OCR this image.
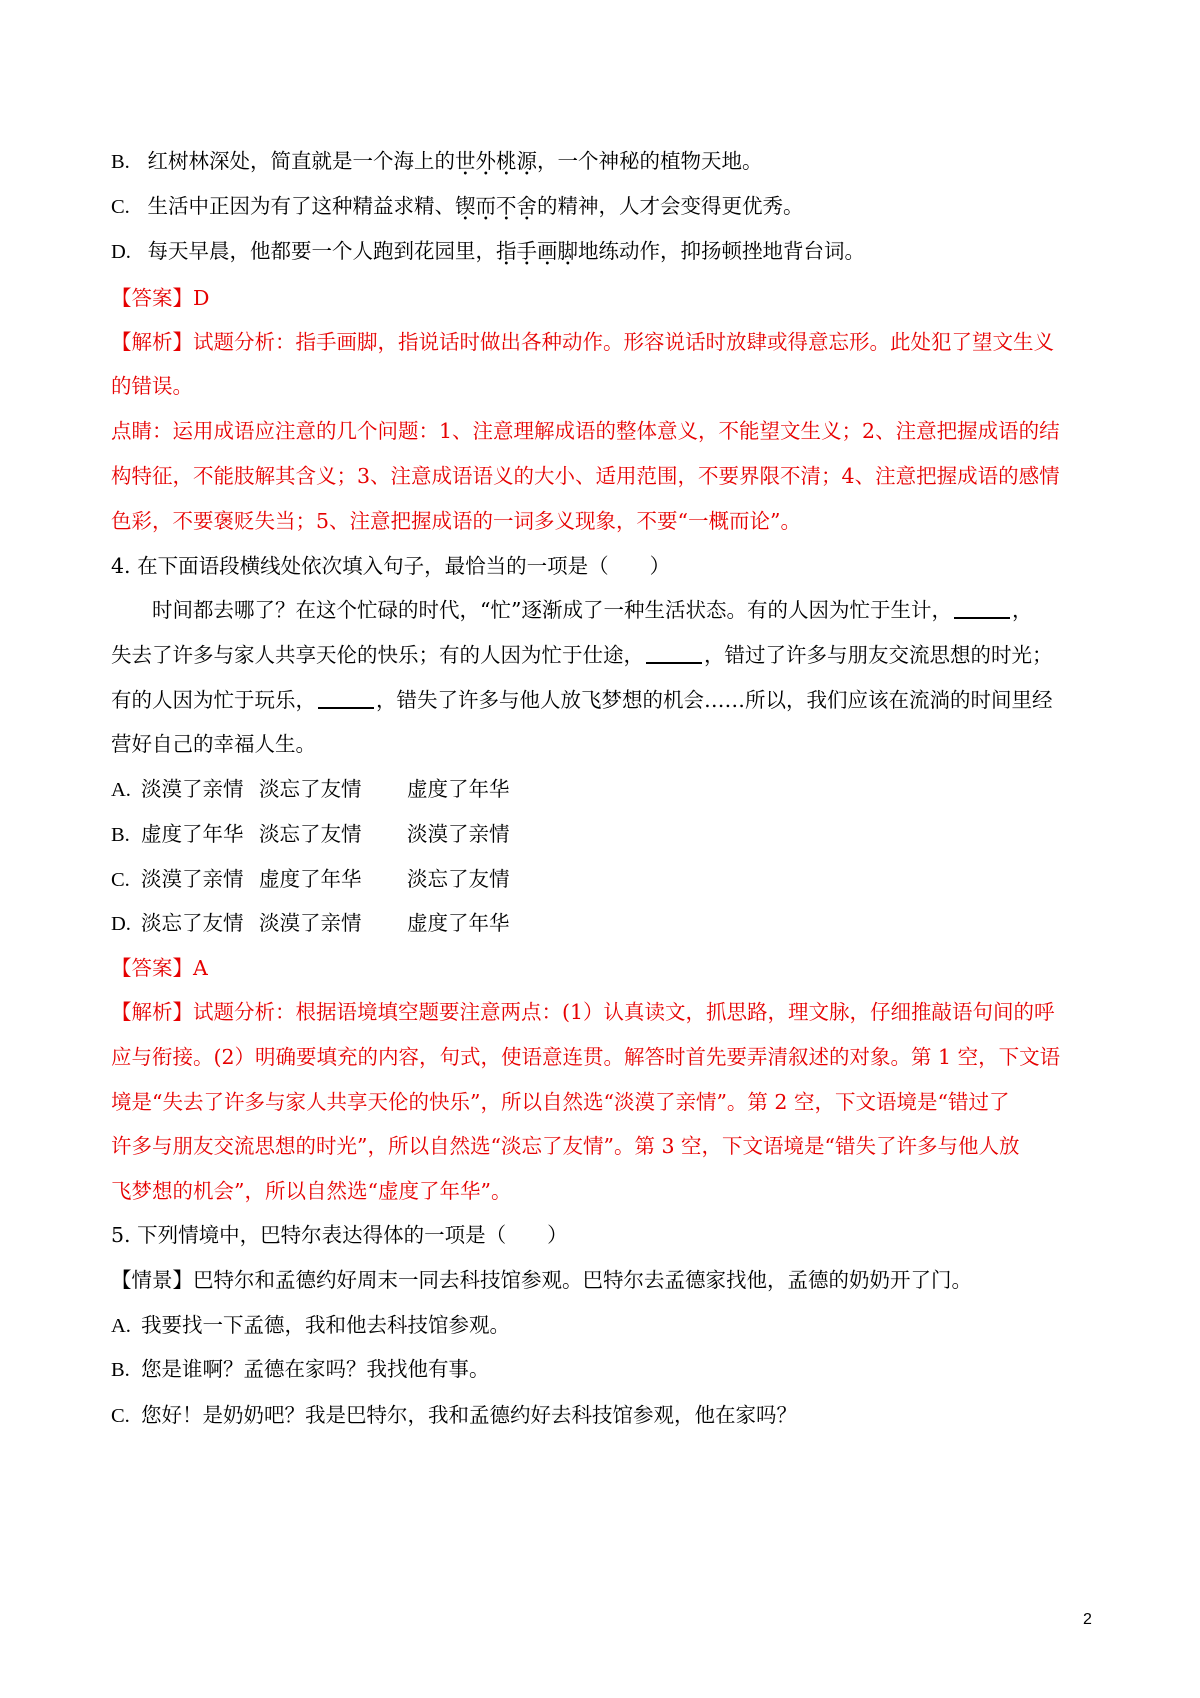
B. 红树林深处，简直就是一个海上的世外桃源，一个神秘的植物天地。
C. 生活中正因为有了这种精益求精、锲而不舍的精神，人才会变得更优秀。
D. 每天早晨，他都要一个人跑到花园里，指手画脚地练动作，抑扬顿挫地背台词。
【答案】D
【解析】试题分析：指手画脚，指说话时做出各种动作。形容说话时放肆或得意忘形。此处犯了望文生义
的错误。
点睛：运用成语应注意的几个问题：1、注意理解成语的整体意义，不能望文生义；2、注意把握成语的结
构特征，不能肢解其含义；3、注意成语语义的大小、适用范围，不要界限不清；4、注意把握成语的感情
色彩，不要褒贬失当；5、注意把握成语的一词多义现象，不要“一概而论”。
4. 在下面语段横线处依次填入句子，最恰当的一项是（　　）
　　时间都去哪了？在这个忙碌的时代，“忙”逐渐成了一种生活状态。有的人因为忙于生计，	，
失去了许多与家人共享天伦的快乐；有的人因为忙于仕途，	，错过了许多与朋友交流思想的时光；
有的人因为忙于玩乐，	，错失了许多与他人放飞梦想的机会……所以，我们应该在流淌的时间里经
营好自己的幸福人生。
A. 淡漠了亲情 淡忘了友情 虚度了年华
B. 虚度了年华 淡忘了友情 淡漠了亲情
C. 淡漠了亲情 虚度了年华 淡忘了友情
D. 淡忘了友情 淡漠了亲情 虚度了年华
【答案】A
【解析】试题分析：根据语境填空题要注意两点：(1）认真读文，抓思路，理文脉，仔细推敲语句间的呼
应与衔接。(2）明确要填充的内容，句式，使语意连贯。解答时首先要弄清叙述的对象。第 1 空，下文语
境是“失去了许多与家人共享天伦的快乐”，所以自然选“淡漠了亲情”。第 2 空，下文语境是“错过了
许多与朋友交流思想的时光”，所以自然选“淡忘了友情”。第 3 空，下文语境是“错失了许多与他人放
飞梦想的机会”，所以自然选“虚度了年华”。
5. 下列情境中，巴特尔表达得体的一项是（　　）
【情景】巴特尔和孟德约好周末一同去科技馆参观。巴特尔去孟德家找他，孟德的奶奶开了门。
A. 我要找一下孟德，我和他去科技馆参观。
B. 您是谁啊？孟德在家吗？我找他有事。
C. 您好！是奶奶吧？我是巴特尔，我和孟德约好去科技馆参观，他在家吗？
2
